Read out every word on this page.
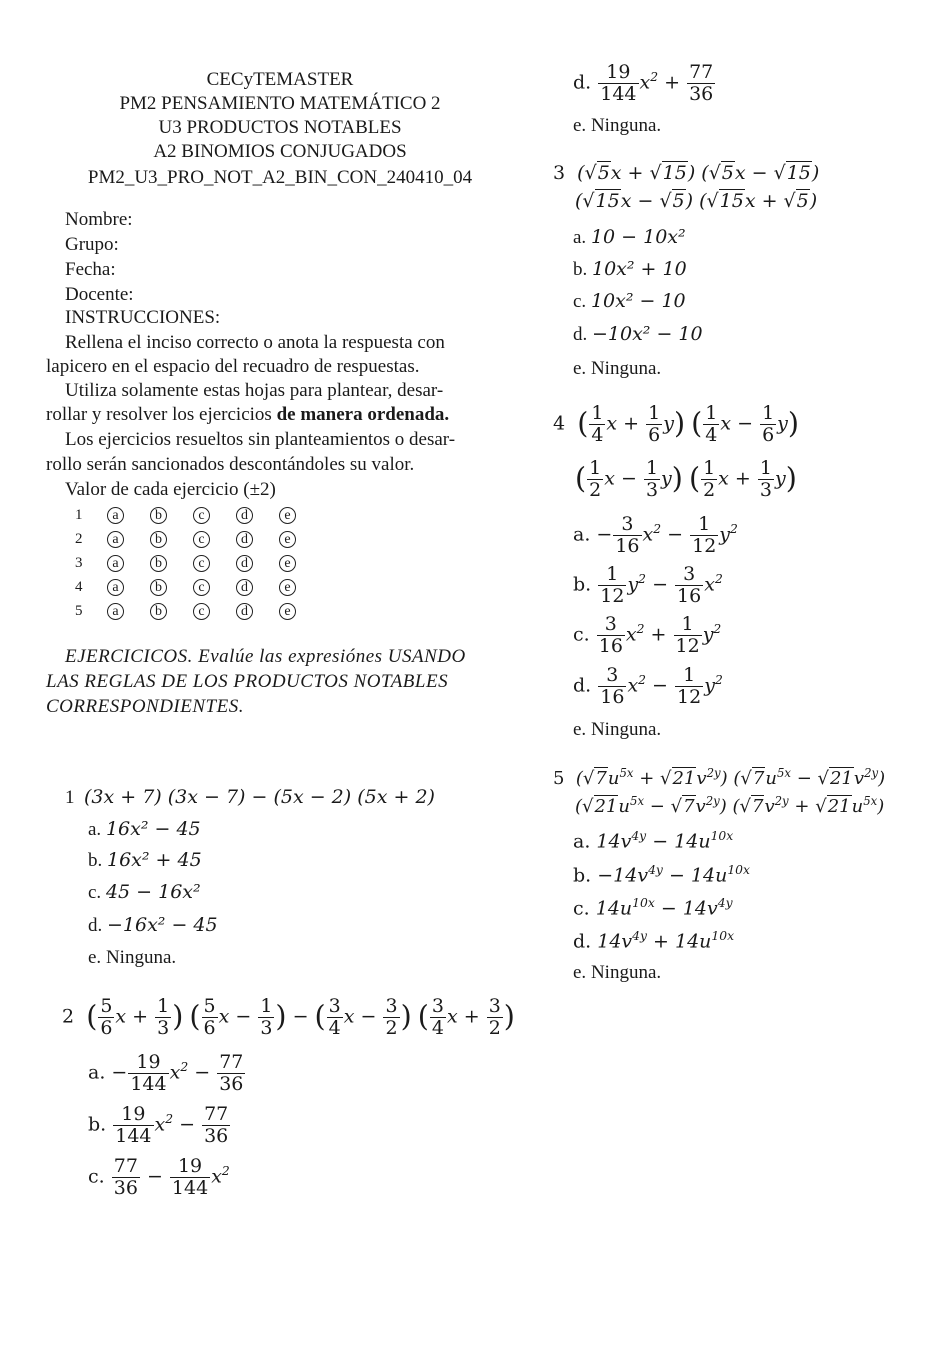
CECyTEMASTER
PM2 PENSAMIENTO MATEMÁTICO 2
U3 PRODUCTOS NOTABLES
A2 BINOMIOS CONJUGADOS
PM2_U3_PRO_NOT_A2_BIN_CON_240410_04
Nombre:
Grupo:
Fecha:
Docente:
INSTRUCCIONES:
Rellena el inciso correcto o anota la respuesta con
lapicero en el espacio del recuadro de respuestas.
Utiliza solamente estas hojas para plantear, desar-
rollar y resolver los ejercicios de manera ordenada.
Los ejercicios resueltos sin planteamientos o desar-
rollo serán sancionados descontándoles su valor.
Valor de cada ejercicio (±2)
1	a	b	c	d	e
2	a	b	c	d	e
3	a	b	c	d	e
4	a	b	c	d	e
5	a	b	c	d	e
EJERCICICOS. Evalúe las expresiónes USANDO
LAS REGLAS DE LOS PRODUCTOS NOTABLES
CORRESPONDIENTES.
1 (3x + 7) (3x − 7) − (5x − 2) (5x + 2)
a. 16x² − 45
b. 16x² + 45
c. 45 − 16x²
d. −16x² − 45
e. Ninguna.
2 ( $\frac{5}{6}$ $x + \frac{1}{3}$ ) ( $\frac{5}{6}$ $x - \frac{1}{3}$ ) − ( $\frac{3}{4}$ $x - \frac{3}{2}$ ) ( $\frac{3}{4}$ $x + \frac{3}{2}$ )
a. − $\frac{19}{144} x^2 - \frac{77}{36}$
b. $\frac{19}{144} x^2 - \frac{77}{36}$
c. $\frac{77}{36} - \frac{19}{144} x^2$
d. $\frac{19}{144} x^2 + \frac{77}{36}$
e. Ninguna.
3  (√5x + √15) (√5x − √15)
(√15x − √5) (√15x + √5)
a. 10 − 10x²
b. 10x² + 10
c. 10x² − 10
d. −10x² − 10
e. Ninguna.
4 ( $\frac{1}{4}$ $x + \frac{1}{6} y$) ( $\frac{1}{4}$ $x - \frac{1}{6} y$)
( $\frac{1}{2}$ $x - \frac{1}{3} y$) ( $\frac{1}{2}$ $x + \frac{1}{3} y$)
a. − $\frac{3}{16} x^2 - \frac{1}{12} y^2$
b. $\frac{1}{12} y^2 - \frac{3}{16} x^2$
c. $\frac{3}{16} x^2 + \frac{1}{12} y^2$
d. $\frac{3}{16} x^2 - \frac{1}{12} y^2$
e. Ninguna.
5  $(√7u^{5x} + √21v^{2y}) (√7u^{5x} - √21v^{2y})$
$(√21u^{5x} - √7v^{2y}) (√7v^{2y} + √21u^{5x})$
a. $14v^{4y} - 14u^{10x}$
b. $-14v^{4y} - 14u^{10x}$
c. $14u^{10x} - 14v^{4y}$
d. $14v^{4y} + 14u^{10x}$
e. Ninguna.
